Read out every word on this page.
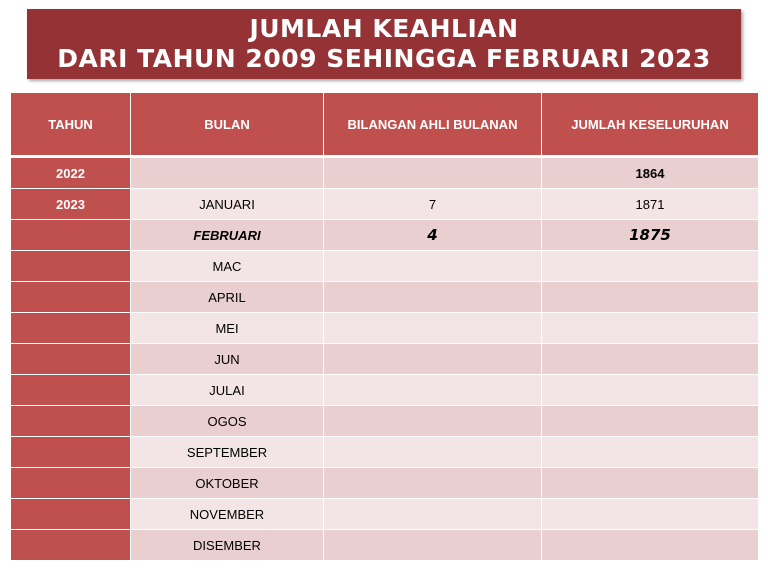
JUMLAH KEAHLIAN
DARI TAHUN 2009 SEHINGGA FEBRUARI 2023
TAHUN	BULAN	BILANGAN AHLI BULANAN	JUMLAH KESELURUHAN
2022			1864
2023	JANUARI	7	1871
	FEBRUARI	4	1875
	MAC		
	APRIL		
	MEI		
	JUN		
	JULAI		
	OGOS		
	SEPTEMBER		
	OKTOBER		
	NOVEMBER		
	DISEMBER		
